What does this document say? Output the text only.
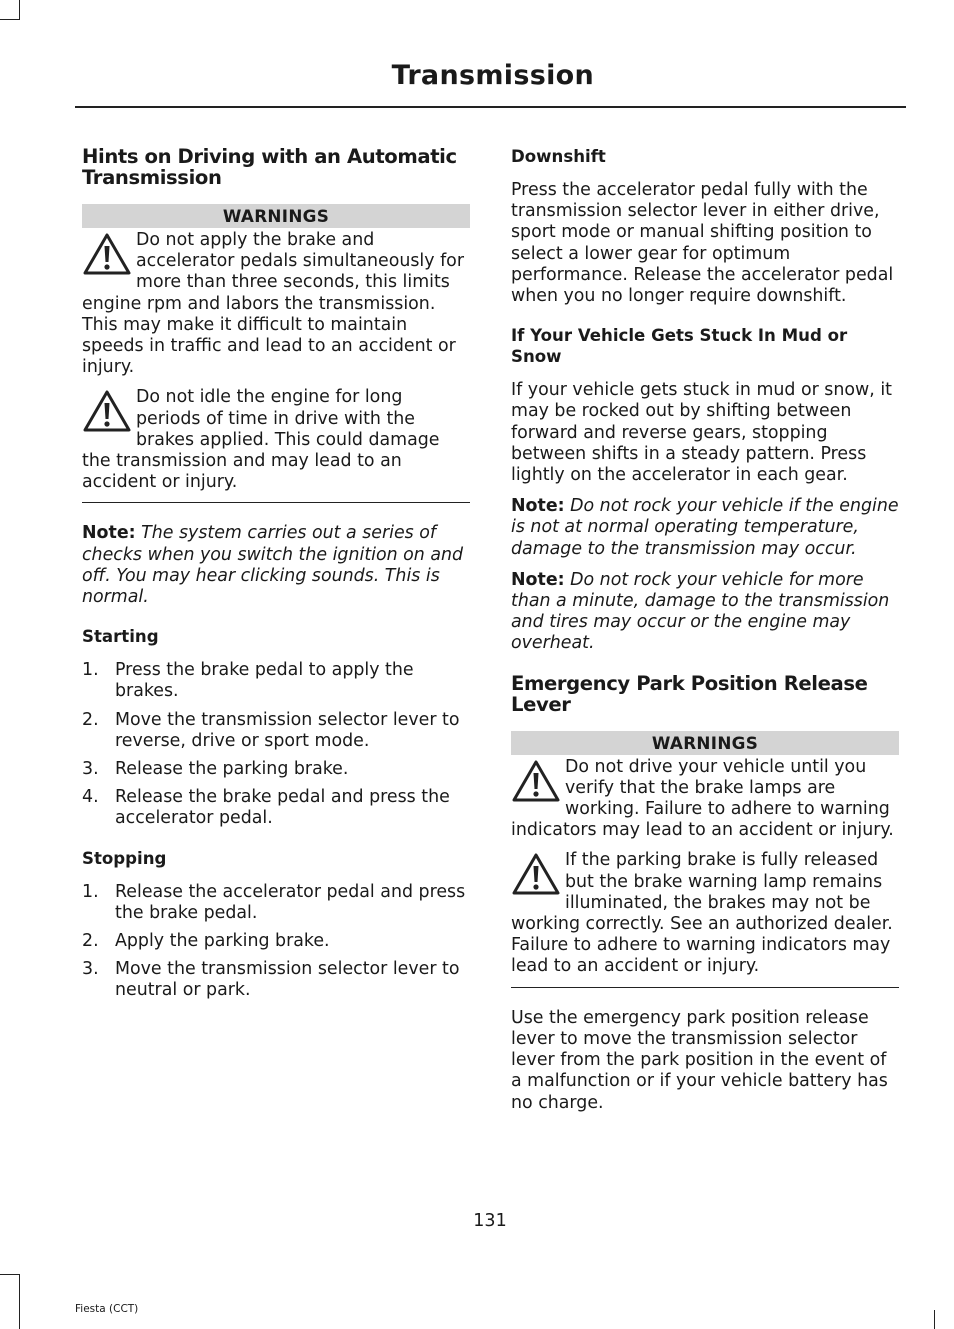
Transmission
Hints on Driving with an Automatic Transmission
WARNINGS
Do not apply the brake and accelerator pedals simultaneously for more than three seconds, this limits engine rpm and labors the transmission. This may make it difficult to maintain speeds in traffic and lead to an accident or injury.
Do not idle the engine for long periods of time in drive with the brakes applied. This could damage the transmission and may lead to an accident or injury.

Note: The system carries out a series of checks when you switch the ignition on and off. You may hear clicking sounds. This is normal.

Starting
1. Press the brake pedal to apply the brakes.
2. Move the transmission selector lever to reverse, drive or sport mode.
3. Release the parking brake.
4. Release the brake pedal and press the accelerator pedal.
Stopping
1. Release the accelerator pedal and press the brake pedal.
2. Apply the parking brake.
3. Move the transmission selector lever to neutral or park.
Downshift

Press the accelerator pedal fully with the transmission selector lever in either drive, sport mode or manual shifting position to select a lower gear for optimum performance. Release the accelerator pedal when you no longer require downshift.

If Your Vehicle Gets Stuck In Mud or Snow

If your vehicle gets stuck in mud or snow, it may be rocked out by shifting between forward and reverse gears, stopping between shifts in a steady pattern. Press lightly on the accelerator in each gear.

Note: Do not rock your vehicle if the engine is not at normal operating temperature, damage to the transmission may occur.

Note: Do not rock your vehicle for more than a minute, damage to the transmission and tires may occur or the engine may overheat.

Emergency Park Position Release Lever
WARNINGS
Do not drive your vehicle until you verify that the brake lamps are working. Failure to adhere to warning indicators may lead to an accident or injury.
If the parking brake is fully released but the brake warning lamp remains illuminated, the brakes may not be working correctly. See an authorized dealer. Failure to adhere to warning indicators may lead to an accident or injury.

Use the emergency park position release lever to move the transmission selector lever from the park position in the event of a malfunction or if your vehicle battery has no charge.

131
Fiesta (CCT)
